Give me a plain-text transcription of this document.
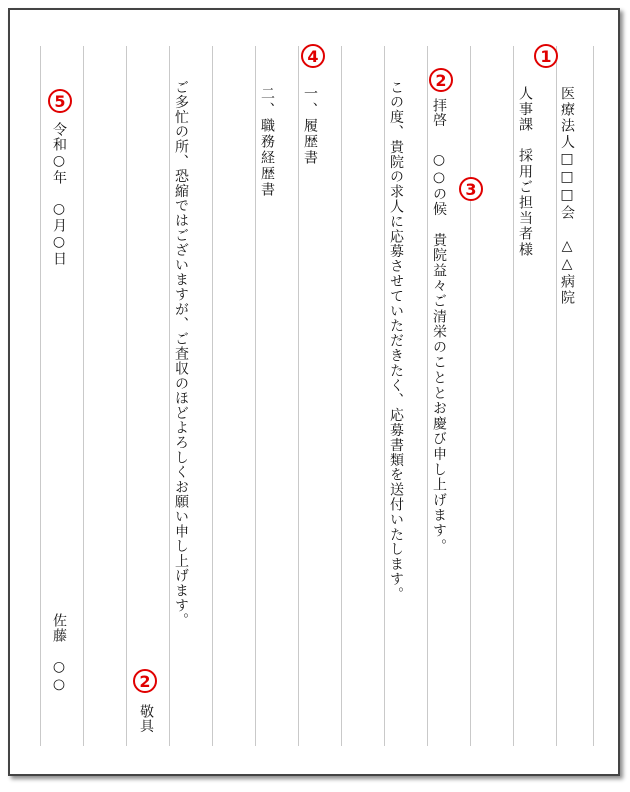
医療法人□□□会　△△病院
人事課　採用ご担当者様
拝啓
○○の候　貴院益々ご清栄のこととお慶び申し上げます。
この度、貴院の求人に応募させていただきたく、応募書類を送付いたします。
一、履歴書
二、職務経歴書
ご多忙の所、恐縮ではございますが、ご査収のほどよろしくお願い申し上げます。
敬具
令和○年　○月○日
佐藤　○○
1
2
3
4
2
5
